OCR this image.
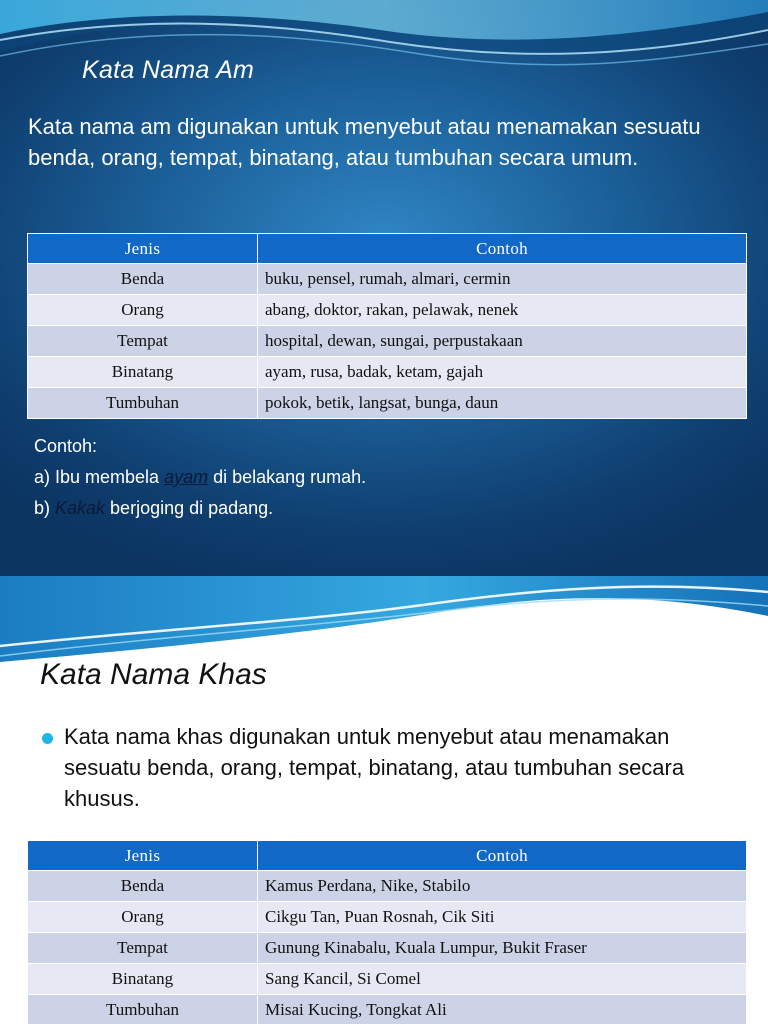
Kata Nama Am
Kata nama am digunakan untuk menyebut atau menamakan sesuatu benda, orang, tempat, binatang, atau tumbuhan secara umum.
Contoh:
a) Ibu membela ayam di belakang rumah.
b) Kakak berjoging di padang.
Jenis	Contoh
Benda	buku, pensel, rumah, almari, cermin
Orang	abang, doktor, rakan, pelawak, nenek
Tempat	hospital, dewan, sungai, perpustakaan
Binatang	ayam, rusa, badak, ketam, gajah
Tumbuhan	pokok, betik, langsat, bunga, daun
Kata Nama Khas
Kata nama khas digunakan untuk menyebut atau menamakan sesuatu benda, orang, tempat, binatang, atau tumbuhan secara khusus.
Jenis	Contoh
Benda	Kamus Perdana, Nike, Stabilo
Orang	Cikgu Tan, Puan Rosnah, Cik Siti
Tempat	Gunung Kinabalu, Kuala Lumpur, Bukit Fraser
Binatang	Sang Kancil, Si Comel
Tumbuhan	Misai Kucing, Tongkat Ali
